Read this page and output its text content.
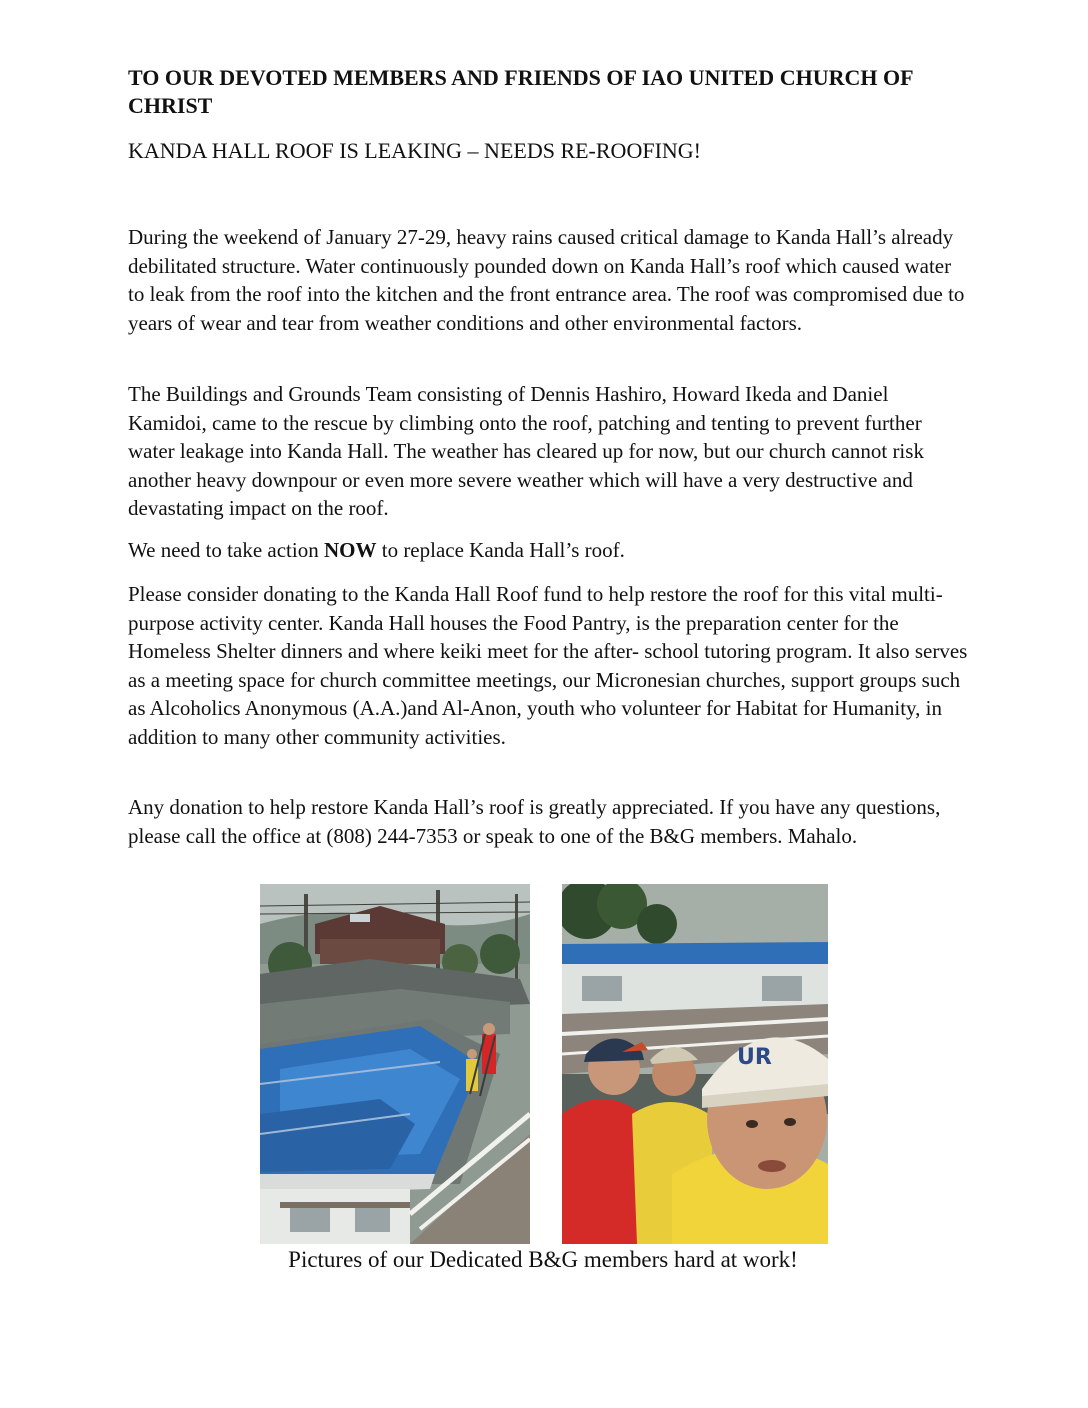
TO OUR DEVOTED MEMBERS AND FRIENDS OF IAO UNITED CHURCH OF CHRIST

KANDA HALL ROOF IS LEAKING – NEEDS RE-ROOFING!

During the weekend of January 27-29, heavy rains caused critical damage to Kanda Hall’s already debilitated structure. Water continuously pounded down on Kanda Hall’s roof which caused water to leak from the roof into the kitchen and the front entrance area. The roof was compromised due to years of wear and tear from weather conditions and other environmental factors.

The Buildings and Grounds Team consisting of Dennis Hashiro, Howard Ikeda and Daniel Kamidoi, came to the rescue by climbing onto the roof, patching and tenting to prevent further water leakage into Kanda Hall. The weather has cleared up for now, but our church cannot risk another heavy downpour or even more severe weather which will have a very destructive and devastating impact on the roof.

We need to take action NOW to replace Kanda Hall’s roof.

Please consider donating to the Kanda Hall Roof fund to help restore the roof for this vital multi-purpose activity center. Kanda Hall houses the Food Pantry, is the preparation center for the Homeless Shelter dinners and where keiki meet for the after- school tutoring program. It also serves as a meeting space for church committee meetings, our Micronesian churches, support groups such as Alcoholics Anonymous (A.A.)and Al-Anon, youth who volunteer for Habitat for Humanity, in addition to many other community activities.

Any donation to help restore Kanda Hall’s roof is greatly appreciated. If you have any questions, please call the office at (808) 244-7353 or speak to one of the B&G members. Mahalo.

UR

Pictures of our Dedicated B&G members hard at work!
